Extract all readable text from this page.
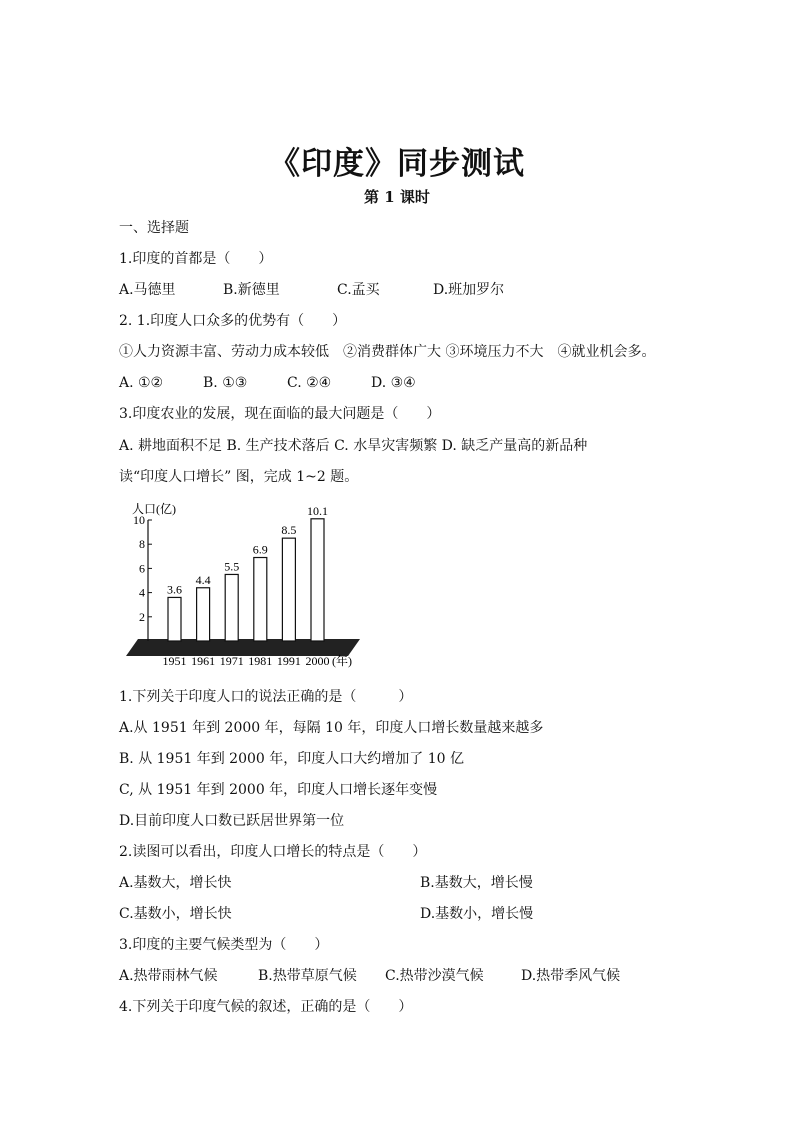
《印度》同步测试
第 1 课时
一、选择题
1.印度的首都是（　　）
A.马德里	B.新德里	C.孟买	D.班加罗尔
2. 1.印度人口众多的优势有（　　）
①人力资源丰富、劳动力成本较低　②消费群体广大 ③环境压力不大　④就业机会多。
A. ①②	B. ①③	C. ②④	D. ③④
3.印度农业的发展，现在面临的最大问题是（　　）
A. 耕地面积不足 B. 生产技术落后 C. 水旱灾害频繁 D. 缺乏产量高的新品种
读“印度人口增长” 图，完成 1~2 题。
人口(亿)
(年)
2
4
6
8
10
3.6
4.4
5.5
6.9
8.5
10.1
1951 1961 1971 1981 1991 2000
1.下列关于印度人口的说法正确的是（　　　）
A.从 1951 年到 2000 年，每隔 10 年，印度人口增长数量越来越多
B. 从 1951 年到 2000 年，印度人口大约增加了 10 亿
C, 从 1951 年到 2000 年，印度人口增长逐年变慢
D.目前印度人口数已跃居世界第一位
2.读图可以看出，印度人口增长的特点是（　　）
A.基数大，增长快	B.基数大，增长慢
C.基数小，增长快	D.基数小，增长慢
3.印度的主要气候类型为（　　）
A.热带雨林气候	B.热带草原气候 C.热带沙漠气候	D.热带季风气候
4.下列关于印度气候的叙述，正确的是（　　）
